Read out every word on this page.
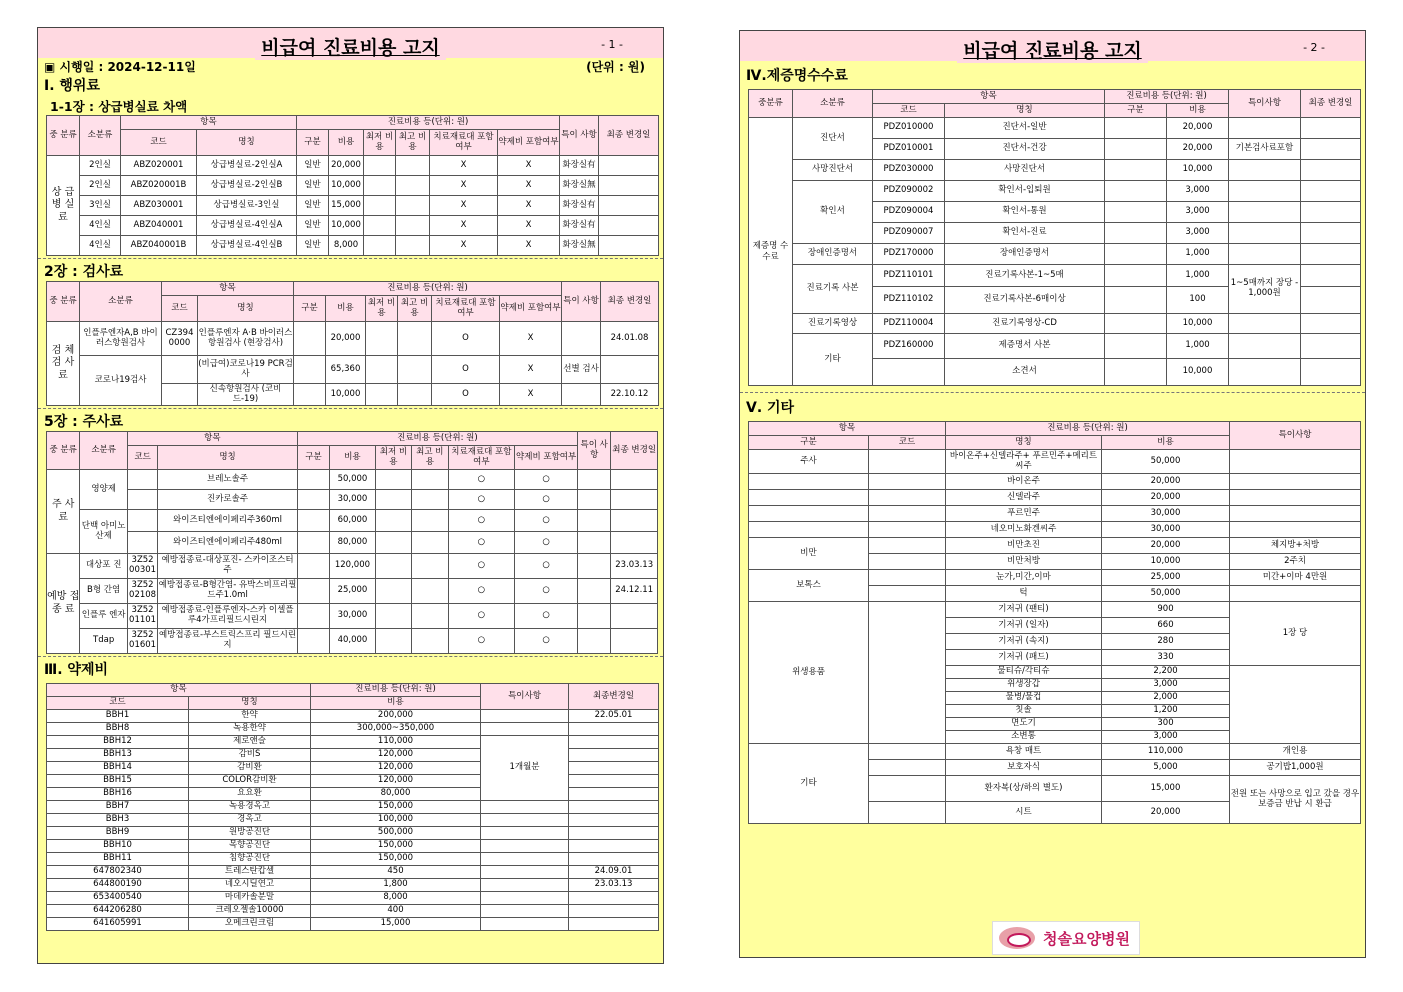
비급여 진료비용 고지	- 1 -
▣ 시행일 : 2024-12-11일	(단위 : 원)
Ⅰ. 행위료
1-1장 : 상급병실료 차액
중 분류	소분류	항목		진료비용 등(단위: 원)						특이 사항	최종 변경일
		코드	명칭	구분	비용	최저 비용	최고 비용	치료재료대 포함여부	약제비 포함여부		
상 급 병 실 료	2인실	ABZ020001	상급병실료-2인실A	일반	20,000			X	X	화장실有	
	2인실	ABZ020001B	상급병실료-2인실B	일반	10,000			X	X	화장실無	
	3인실	ABZ030001	상급병실료-3인실	일반	15,000			X	X	화장실有	
	4인실	ABZ040001	상급병실료-4인실A	일반	10,000			X	X	화장실有	
	4인실	ABZ040001B	상급병실료-4인실B	일반	8,000			X	X	화장실無	
2장 : 검사료
중 분류	소분류	항목		진료비용 등(단위: 원)						특이 사항	최종 변경일
		코드	명칭	구분	비용	최저 비용	최고 비용	치료재료대 포함여부	약제비 포함여부		
검 체 검 사 료	인플루엔자A,B 바이러스항원검사	CZ394 0000	인플루엔자 A·B 바이러스항원검사 (현장검사)		20,000			O	X		24.01.08
	코로나19검사		(비급여)코로나19 PCR검사		65,360			O	X	선별 검사	
			신속항원검사 (코비드-19)		10,000			O	X		22.10.12
5장 : 주사료
중 분류	소분류	항목		진료비용 등(단위: 원)						특이 사항	최종 변경일
		코드	명칭	구분	비용	최저 비용	최고 비용	치료재료대 포함여부	약제비 포함여부		
주 사 료	영양제		브레노솔주		50,000			○	○		
			진카로솔주		30,000			○	○		
	단백 아미노 산제		와이즈티엔에이페리주360ml		60,000			○	○		
			와이즈티엔에이페리주480ml		80,000			○	○		
예방 접종 료	대상포 진	3Z52 00301	예방접종료-대상포진- 스카이조스터주		120,000			○	○		23.03.13
	B형 간염	3Z52 02108	예방접종료-B형간염- 유박스비프리필드주1.0ml		25,000			○	○		24.12.11
	인플루 엔자	3Z52 01101	예방접종료-인플루엔자-스카 이셀플루4가프리필드시린지		30,000			○	○		
	Tdap	3Z52 01601	예방접종료-부스트릭스프리 필드시린지		40,000			○	○		
Ⅲ. 약제비
항목		진료비용 등(단위: 원)	특이사항	최종변경일
코드	명칭	비용		
BBH1	한약	200,000		22.05.01
BBH8	녹용한약	300,000~350,000		
BBH12	제로앤슬	110,000	1개월분	
BBH13	감비S	120,000		
BBH14	감비환	120,000		
BBH15	COLOR감비환	120,000		
BBH16	요요환	80,000		
BBH7	녹용경옥고	150,000		
BBH3	경옥고	100,000		
BBH9	원방공진단	500,000		
BBH10	목향공진단	150,000		
BBH11	침향공진단	150,000		
647802340	트레스탄캅셀	450		24.09.01
644800190	네오시딜연고	1,800		23.03.13
653400540	마데카솔분말	8,000		
644206280	크레오젤솔10000	400		
641605991	오메크린크림	15,000		
비급여 진료비용 고지	- 2 -
Ⅳ.제증명수수료
중분류	소분류	항목		진료비용 등(단위: 원)		특이사항	최종 변경일
		코드	명칭	구분	비용		
제증명 수수료	진단서	PDZ010000	진단서-일반		20,000		
		PDZ010001	진단서-건강		20,000	기본검사료포함	
	사망진단서	PDZ030000	사망진단서		10,000		
	확인서	PDZ090002	확인서-입퇴원		3,000		
		PDZ090004	확인서-통원		3,000		
		PDZ090007	확인서-진료		3,000		
	장애인증명서	PDZ170000	장애인증명서		1,000		
	진료기록 사본	PDZ110101	진료기록사본-1~5매		1,000	1~5매까지 장당 - 1,000원	
		PDZ110102	진료기록사본-6매이상		100		
	진료기록영상	PDZ110004	진료기록영상-CD		10,000		
	기타	PDZ160000	제증명서 사본		1,000		
			소견서		10,000		
Ⅴ. 기타
항목		진료비용 등(단위: 원)		특이사항
구분	코드	명칭	비용	
주사		바이온주+신델라주+ 푸르민주+메리트씨주	50,000	
		바이온주	20,000	
		신델라주	20,000	
		푸르민주	30,000	
		네오미노화겐씨주	30,000	
비만		비만초진	20,000	체지방+처방
		비만처방	10,000	2주치
보톡스		눈가,미간,이마	25,000	미간+이마 4만원
		턱	50,000	
위생용품		기저귀 (팬티)	900	1장 당
		기저귀 (일자)	660	
		기저귀 (속지)	280	
		기저귀 (패드)	330	
		물티슈/각티슈	2,200	
		위생장갑	3,000	
		물병/물컵	2,000	
		칫솔	1,200	
		면도기	300	
		소변통	3,000	
기타		욕창 매트	110,000	개인용
		보호자식	5,000	공기밥1,000원
		환자복(상/하의 별도)	15,000	전원 또는 사망으로 입고 갔을 경우 보증금 반납 시 환급
		시트	20,000	
청솔요양병원
